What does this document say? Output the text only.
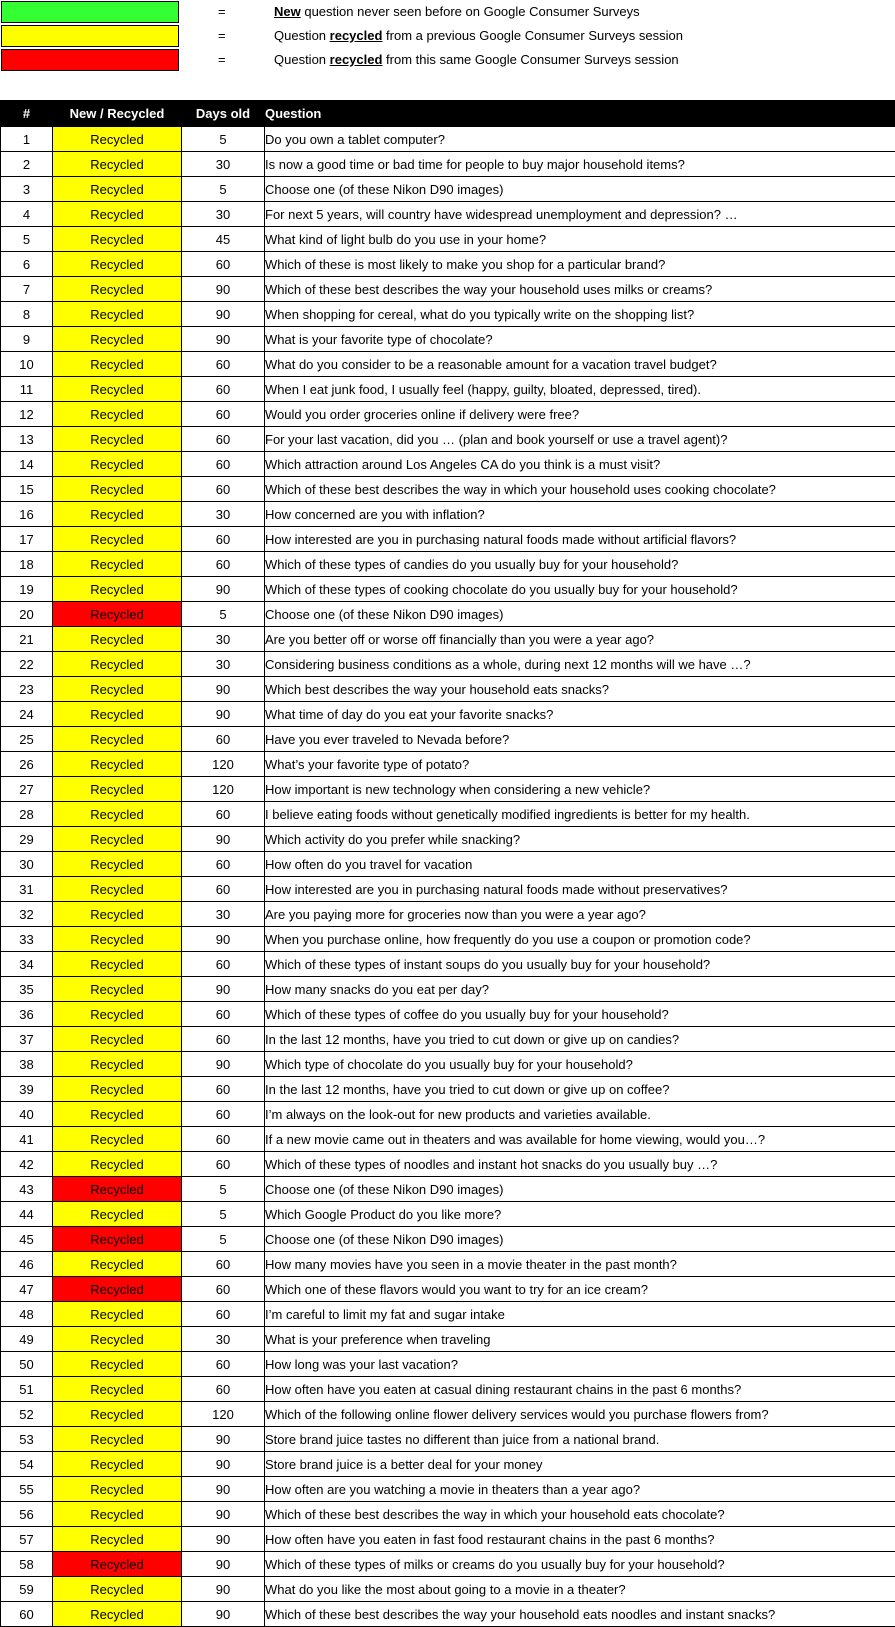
=	New question never seen before on Google Consumer Surveys
=	Question recycled from a previous Google Consumer Surveys session
=	Question recycled from this same Google Consumer Surveys session
#	New / Recycled	Days old	Question
1	Recycled	5	Do you own a tablet computer?
2	Recycled	30	Is now a good time or bad time for people to buy major household items?
3	Recycled	5	Choose one (of these Nikon D90 images)
4	Recycled	30	For next 5 years, will country have widespread unemployment and depression? …
5	Recycled	45	What kind of light bulb do you use in your home?
6	Recycled	60	Which of these is most likely to make you shop for a particular brand?
7	Recycled	90	Which of these best describes the way your household uses milks or creams?
8	Recycled	90	When shopping for cereal, what do you typically write on the shopping list?
9	Recycled	90	What is your favorite type of chocolate?
10	Recycled	60	What do you consider to be a reasonable amount for a vacation travel budget?
11	Recycled	60	When I eat junk food, I usually feel (happy, guilty, bloated, depressed, tired).
12	Recycled	60	Would you order groceries online if delivery were free?
13	Recycled	60	For your last vacation, did you … (plan and book yourself or use a travel agent)?
14	Recycled	60	Which attraction around Los Angeles CA do you think is a must visit?
15	Recycled	60	Which of these best describes the way in which your household uses cooking chocolate?
16	Recycled	30	How concerned are you with inflation?
17	Recycled	60	How interested are you in purchasing natural foods made without artificial flavors?
18	Recycled	60	Which of these types of candies do you usually buy for your household?
19	Recycled	90	Which of these types of cooking chocolate do you usually buy for your household?
20	Recycled	5	Choose one (of these Nikon D90 images)
21	Recycled	30	Are you better off or worse off financially than you were a year ago?
22	Recycled	30	Considering business conditions as a whole, during next 12 months will we have …?
23	Recycled	90	Which best describes the way your household eats snacks?
24	Recycled	90	What time of day do you eat your favorite snacks?
25	Recycled	60	Have you ever traveled to Nevada before?
26	Recycled	120	What’s your favorite type of potato?
27	Recycled	120	How important is new technology when considering a new vehicle?
28	Recycled	60	I believe eating foods without genetically modified ingredients is better for my health.
29	Recycled	90	Which activity do you prefer while snacking?
30	Recycled	60	How often do you travel for vacation
31	Recycled	60	How interested are you in purchasing natural foods made without preservatives?
32	Recycled	30	Are you paying more for groceries now than you were a year ago?
33	Recycled	90	When you purchase online, how frequently do you use a coupon or promotion code?
34	Recycled	60	Which of these types of instant soups do you usually buy for your household?
35	Recycled	90	How many snacks do you eat per day?
36	Recycled	60	Which of these types of coffee do you usually buy for your household?
37	Recycled	60	In the last 12 months, have you tried to cut down or give up on candies?
38	Recycled	90	Which type of chocolate do you usually buy for your household?
39	Recycled	60	In the last 12 months, have you tried to cut down or give up on coffee?
40	Recycled	60	I’m always on the look-out for new products and varieties available.
41	Recycled	60	If a new movie came out in theaters and was available for home viewing, would you…?
42	Recycled	60	Which of these types of noodles and instant hot snacks do you usually buy …?
43	Recycled	5	Choose one (of these Nikon D90 images)
44	Recycled	5	Which Google Product do you like more?
45	Recycled	5	Choose one (of these Nikon D90 images)
46	Recycled	60	How many movies have you seen in a movie theater in the past month?
47	Recycled	60	Which one of these flavors would you want to try for an ice cream?
48	Recycled	60	I’m careful to limit my fat and sugar intake
49	Recycled	30	What is your preference when traveling
50	Recycled	60	How long was your last vacation?
51	Recycled	60	How often have you eaten at casual dining restaurant chains in the past 6 months?
52	Recycled	120	Which of the following online flower delivery services would you purchase flowers from?
53	Recycled	90	Store brand juice tastes no different than juice from a national brand.
54	Recycled	90	Store brand juice is a better deal for your money
55	Recycled	90	How often are you watching a movie in theaters than a year ago?
56	Recycled	90	Which of these best describes the way in which your household eats chocolate?
57	Recycled	90	How often have you eaten in fast food restaurant chains in the past 6 months?
58	Recycled	90	Which of these types of milks or creams do you usually buy for your household?
59	Recycled	90	What do you like the most about going to a movie in a theater?
60	Recycled	90	Which of these best describes the way your household eats noodles and instant snacks?
